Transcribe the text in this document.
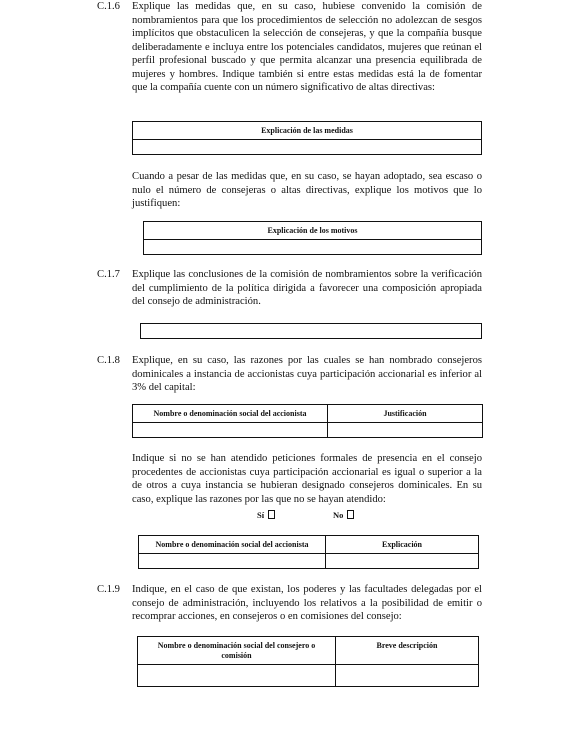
C.1.6 Explique las medidas que, en su caso, hubiese convenido la comisión de nombramientos para que los procedimientos de selección no adolezcan de sesgos implícitos que obstaculicen la selección de consejeras, y que la compañía busque deliberadamente e incluya entre los potenciales candidatos, mujeres que reúnan el perfil profesional buscado y que permita alcanzar una presencia equilibrada de mujeres y hombres. Indique también si entre estas medidas está la de fomentar que la compañía cuente con un número significativo de altas directivas:

Explicación de las medidas

Cuando a pesar de las medidas que, en su caso, se hayan adoptado, sea escaso o nulo el número de consejeras o altas directivas, explique los motivos que lo justifiquen:

Explicación de los motivos

C.1.7 Explique las conclusiones de la comisión de nombramientos sobre la verificación del cumplimiento de la política dirigida a favorecer una composición apropiada del consejo de administración.

C.1.8 Explique, en su caso, las razones por las cuales se han nombrado consejeros dominicales a instancia de accionistas cuya participación accionarial es inferior al 3% del capital:

Nombre o denominación social del accionista	Justificación

Indique si no se han atendido peticiones formales de presencia en el consejo procedentes de accionistas cuya participación accionarial es igual o superior a la de otros a cuya instancia se hubieran designado consejeros dominicales. En su caso, explique las razones por las que no se hayan atendido:

Sí	No
Nombre o denominación social del accionista	Explicación

C.1.9 Indique, en el caso de que existan, los poderes y las facultades delegadas por el consejo de administración, incluyendo los relativos a la posibilidad de emitir o recomprar acciones, en consejeros o en comisiones del consejo:

Nombre o denominación social del consejero o comisión	Breve descripción
